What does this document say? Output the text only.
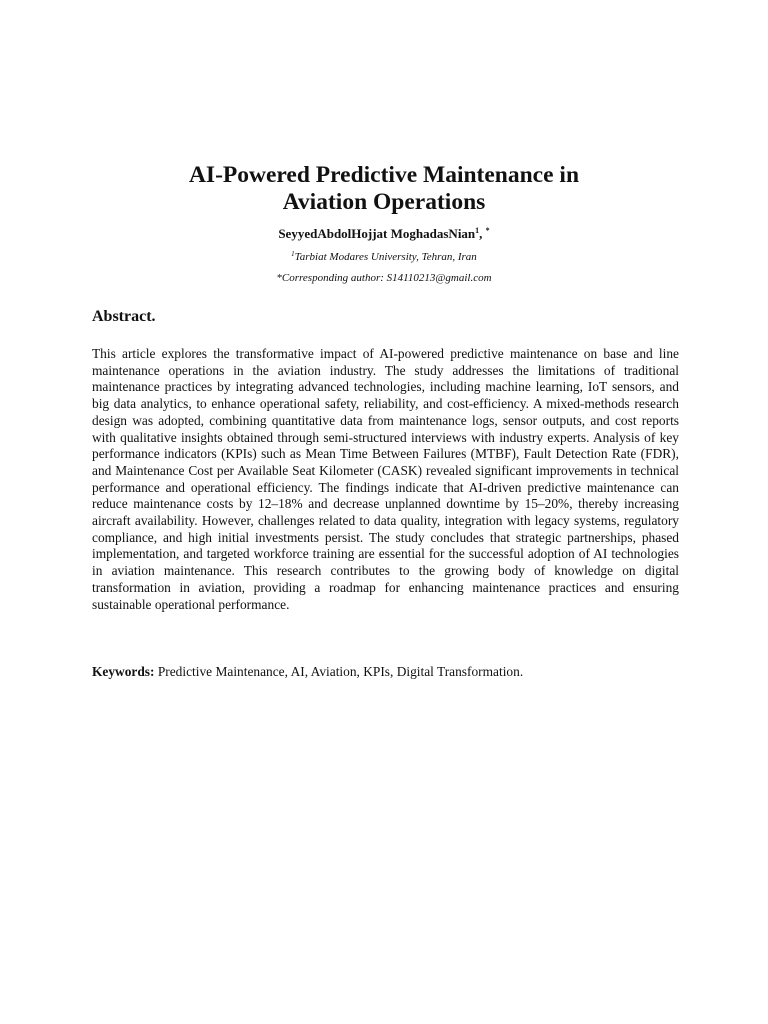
AI-Powered Predictive Maintenance in
Aviation Operations

SeyyedAbdolHojjat MoghadasNian$^1$, *

$^1$Tarbiat Modares University, Tehran, Iran

*Corresponding author: S14110213@gmail.com

Abstract.

This article explores the transformative impact of AI-powered predictive maintenance on base and line maintenance operations in the aviation industry. The study addresses the limitations of traditional maintenance practices by integrating advanced technologies, including machine learning, IoT sensors, and big data analytics, to enhance operational safety, reliability, and cost-efficiency. A mixed-methods research design was adopted, combining quantitative data from maintenance logs, sensor outputs, and cost reports with qualitative insights obtained through semi-structured interviews with industry experts. Analysis of key performance indicators (KPIs) such as Mean Time Between Failures (MTBF), Fault Detection Rate (FDR), and Maintenance Cost per Available Seat Kilometer (CASK) revealed significant improvements in technical performance and operational efficiency. The findings indicate that AI-driven predictive maintenance can reduce maintenance costs by 12–18% and decrease unplanned downtime by 15–20%, thereby increasing aircraft availability. However, challenges related to data quality, integration with legacy systems, regulatory compliance, and high initial investments persist. The study concludes that strategic partnerships, phased implementation, and targeted workforce training are essential for the successful adoption of AI technologies in aviation maintenance. This research contributes to the growing body of knowledge on digital transformation in aviation, providing a roadmap for enhancing maintenance practices and ensuring sustainable operational performance.

Keywords: Predictive Maintenance, AI, Aviation, KPIs, Digital Transformation.
